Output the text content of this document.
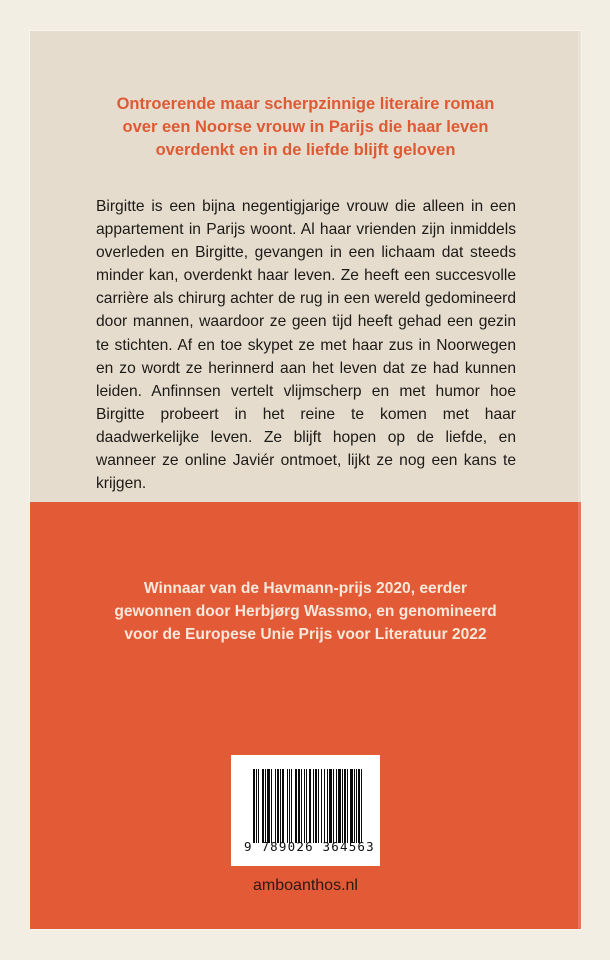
Ontroerende maar scherpzinnige literaire roman
over een Noorse vrouw in Parijs die haar leven
overdenkt en in de liefde blijft geloven

Birgitte is een bijna negentigjarige vrouw die alleen in een appartement in Parijs woont. Al haar vrienden zijn inmiddels overleden en Birgitte, gevangen in een lichaam dat steeds minder kan, overdenkt haar leven. Ze heeft een succesvolle carrière als chirurg achter de rug in een wereld gedomineerd door mannen, waardoor ze geen tijd heeft gehad een gezin te stichten. Af en toe skypet ze met haar zus in Noorwegen en zo wordt ze herinnerd aan het leven dat ze had kunnen leiden. Anfinnsen vertelt vlijmscherp en met humor hoe Birgitte probeert in het reine te komen met haar daadwerkelijke leven. Ze blijft hopen op de liefde, en wanneer ze online Javiér ontmoet, lijkt ze nog een kans te krijgen.

Winnaar van de Havmann-prijs 2020, eerder
gewonnen door Herbjørg Wassmo, en genomineerd
voor de Europese Unie Prijs voor Literatuur 2022

9 789026 364563
amboanthos.nl
